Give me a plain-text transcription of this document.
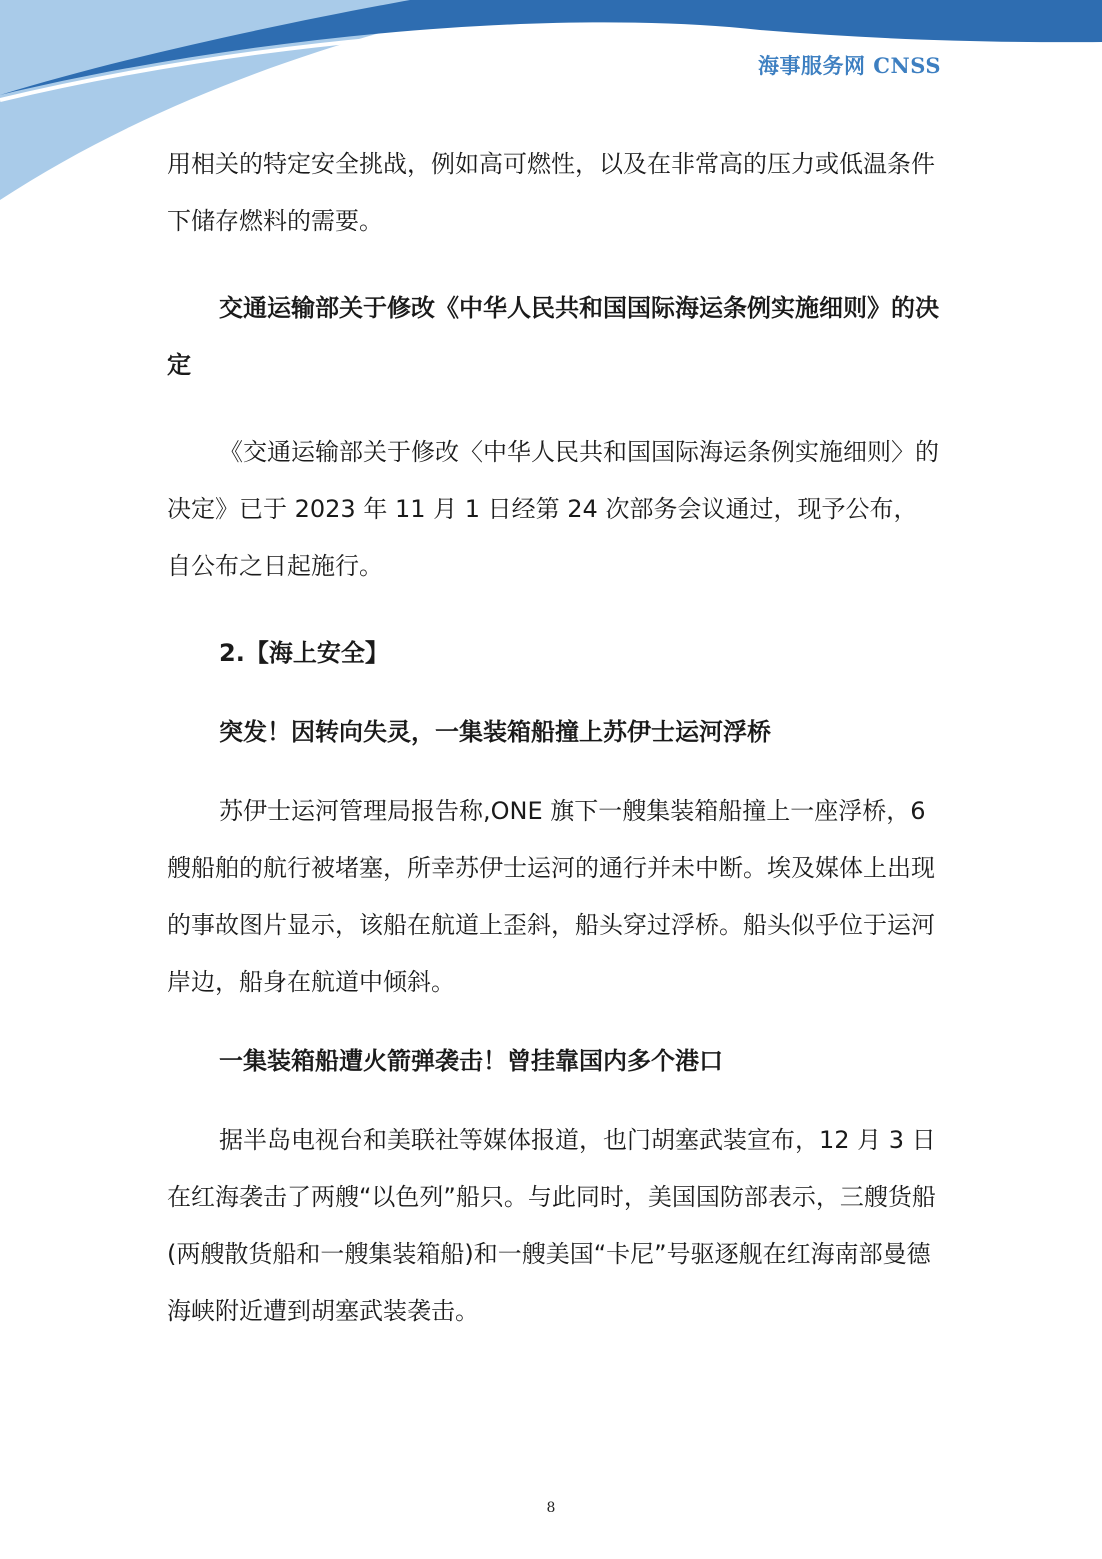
海事服务网 CNSS

用相关的特定安全挑战，例如高可燃性，以及在非常高的压力或低温条件下储存燃料的需要。

交通运输部关于修改《中华人民共和国国际海运条例实施细则》的决定

《交通运输部关于修改〈中华人民共和国国际海运条例实施细则〉的决定》已于 2023 年 11 月 1 日经第 24 次部务会议通过，现予公布，自公布之日起施行。

2.【海上安全】

突发！因转向失灵，一集装箱船撞上苏伊士运河浮桥

苏伊士运河管理局报告称,ONE 旗下一艘集装箱船撞上一座浮桥，6 艘船舶的航行被堵塞，所幸苏伊士运河的通行并未中断。埃及媒体上出现的事故图片显示，该船在航道上歪斜，船头穿过浮桥。船头似乎位于运河岸边，船身在航道中倾斜。

一集装箱船遭火箭弹袭击！曾挂靠国内多个港口

据半岛电视台和美联社等媒体报道，也门胡塞武装宣布，12 月 3 日在红海袭击了两艘“以色列”船只。与此同时，美国国防部表示，三艘货船(两艘散货船和一艘集装箱船)和一艘美国“卡尼”号驱逐舰在红海南部曼德海峡附近遭到胡塞武装袭击。

8
